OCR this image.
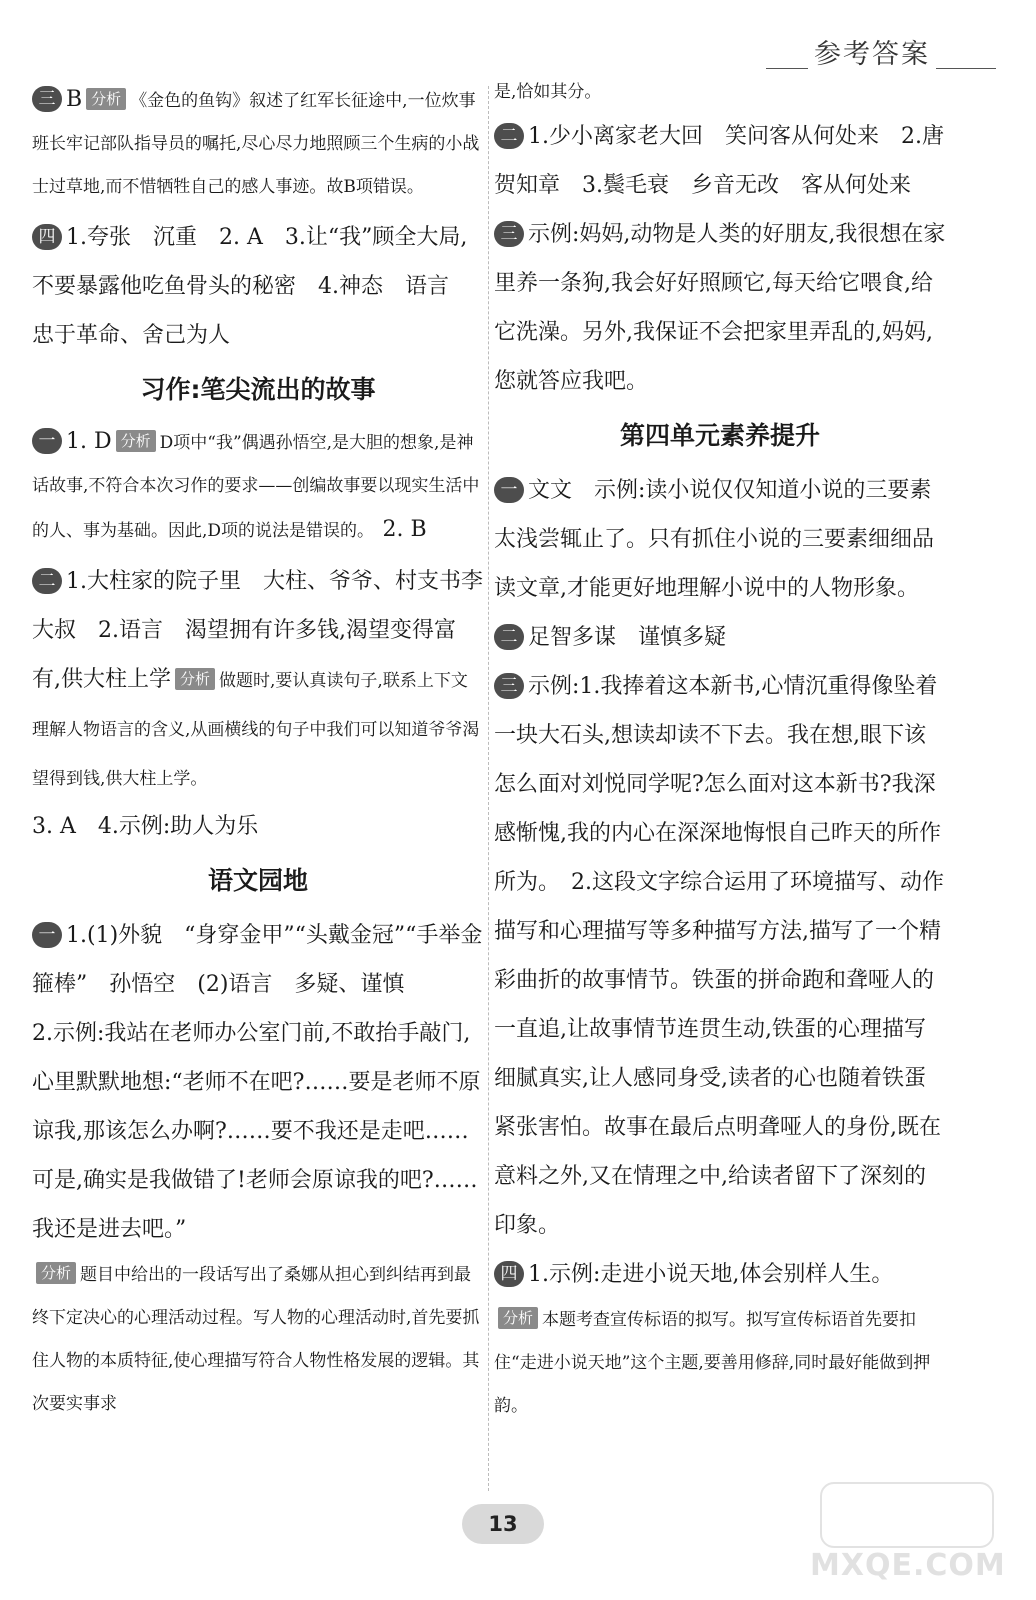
参考答案

三 B 分析 《金色的鱼钩》叙述了红军长征途中,一位炊事班长牢记部队指导员的嘱托,尽心尽力地照顾三个生病的小战士过草地,而不惜牺牲自己的感人事迹。故B项错误。

四 1.夸张　沉重　2. A　3.让“我”顾全大局,不要暴露他吃鱼骨头的秘密　4.神态　语言　忠于革命、舍己为人

习作:笔尖流出的故事

一 1. D 分析 D项中“我”偶遇孙悟空,是大胆的想象,是神话故事,不符合本次习作的要求——创编故事要以现实生活中的人、事为基础。因此,D项的说法是错误的。　 2. B

二 1.大柱家的院子里　大柱、爷爷、村支书李大叔　2.语言　渴望拥有许多钱,渴望变得富有,供大柱上学 分析 做题时,要认真读句子,联系上下文理解人物语言的含义,从画横线的句子中我们可以知道爷爷渴望得到钱,供大柱上学。
3. A　4.示例:助人为乐

语文园地

一 1.(1)外貌　“身穿金甲”“头戴金冠”“手举金箍棒”　孙悟空　(2)语言　多疑、谨慎

2.示例:我站在老师办公室门前,不敢抬手敲门,心里默默地想:“老师不在吧?……要是老师不原谅我,那该怎么办啊?……要不我还是走吧……可是,确实是我做错了!老师会原谅我的吧?……我还是进去吧。”

分析 题目中给出的一段话写出了桑娜从担心到纠结再到最终下定决心的心理活动过程。写人物的心理活动时,首先要抓住人物的本质特征,使心理描写符合人物性格发展的逻辑。其次要实事求

是,恰如其分。

二 1.少小离家老大回　笑问客从何处来　2.唐　贺知章　3.鬓毛衰　乡音无改　客从何处来

三 示例:妈妈,动物是人类的好朋友,我很想在家里养一条狗,我会好好照顾它,每天给它喂食,给它洗澡。另外,我保证不会把家里弄乱的,妈妈,您就答应我吧。

第四单元素养提升

一 文文　示例:读小说仅仅知道小说的三要素太浅尝辄止了。只有抓住小说的三要素细细品读文章,才能更好地理解小说中的人物形象。

二 足智多谋　谨慎多疑

三 示例:1.我捧着这本新书,心情沉重得像坠着一块大石头,想读却读不下去。我在想,眼下该怎么面对刘悦同学呢?怎么面对这本新书?我深感惭愧,我的内心在深深地悔恨自己昨天的所作所为。　2.这段文字综合运用了环境描写、动作描写和心理描写等多种描写方法,描写了一个精彩曲折的故事情节。铁蛋的拼命跑和聋哑人的一直追,让故事情节连贯生动,铁蛋的心理描写细腻真实,让人感同身受,读者的心也随着铁蛋紧张害怕。故事在最后点明聋哑人的身份,既在意料之外,又在情理之中,给读者留下了深刻的印象。

四 1.示例:走进小说天地,体会别样人生。

分析 本题考查宣传标语的拟写。拟写宣传标语首先要扣住“走进小说天地”这个主题,要善用修辞,同时最好能做到押韵。

13
MXQE.COM
